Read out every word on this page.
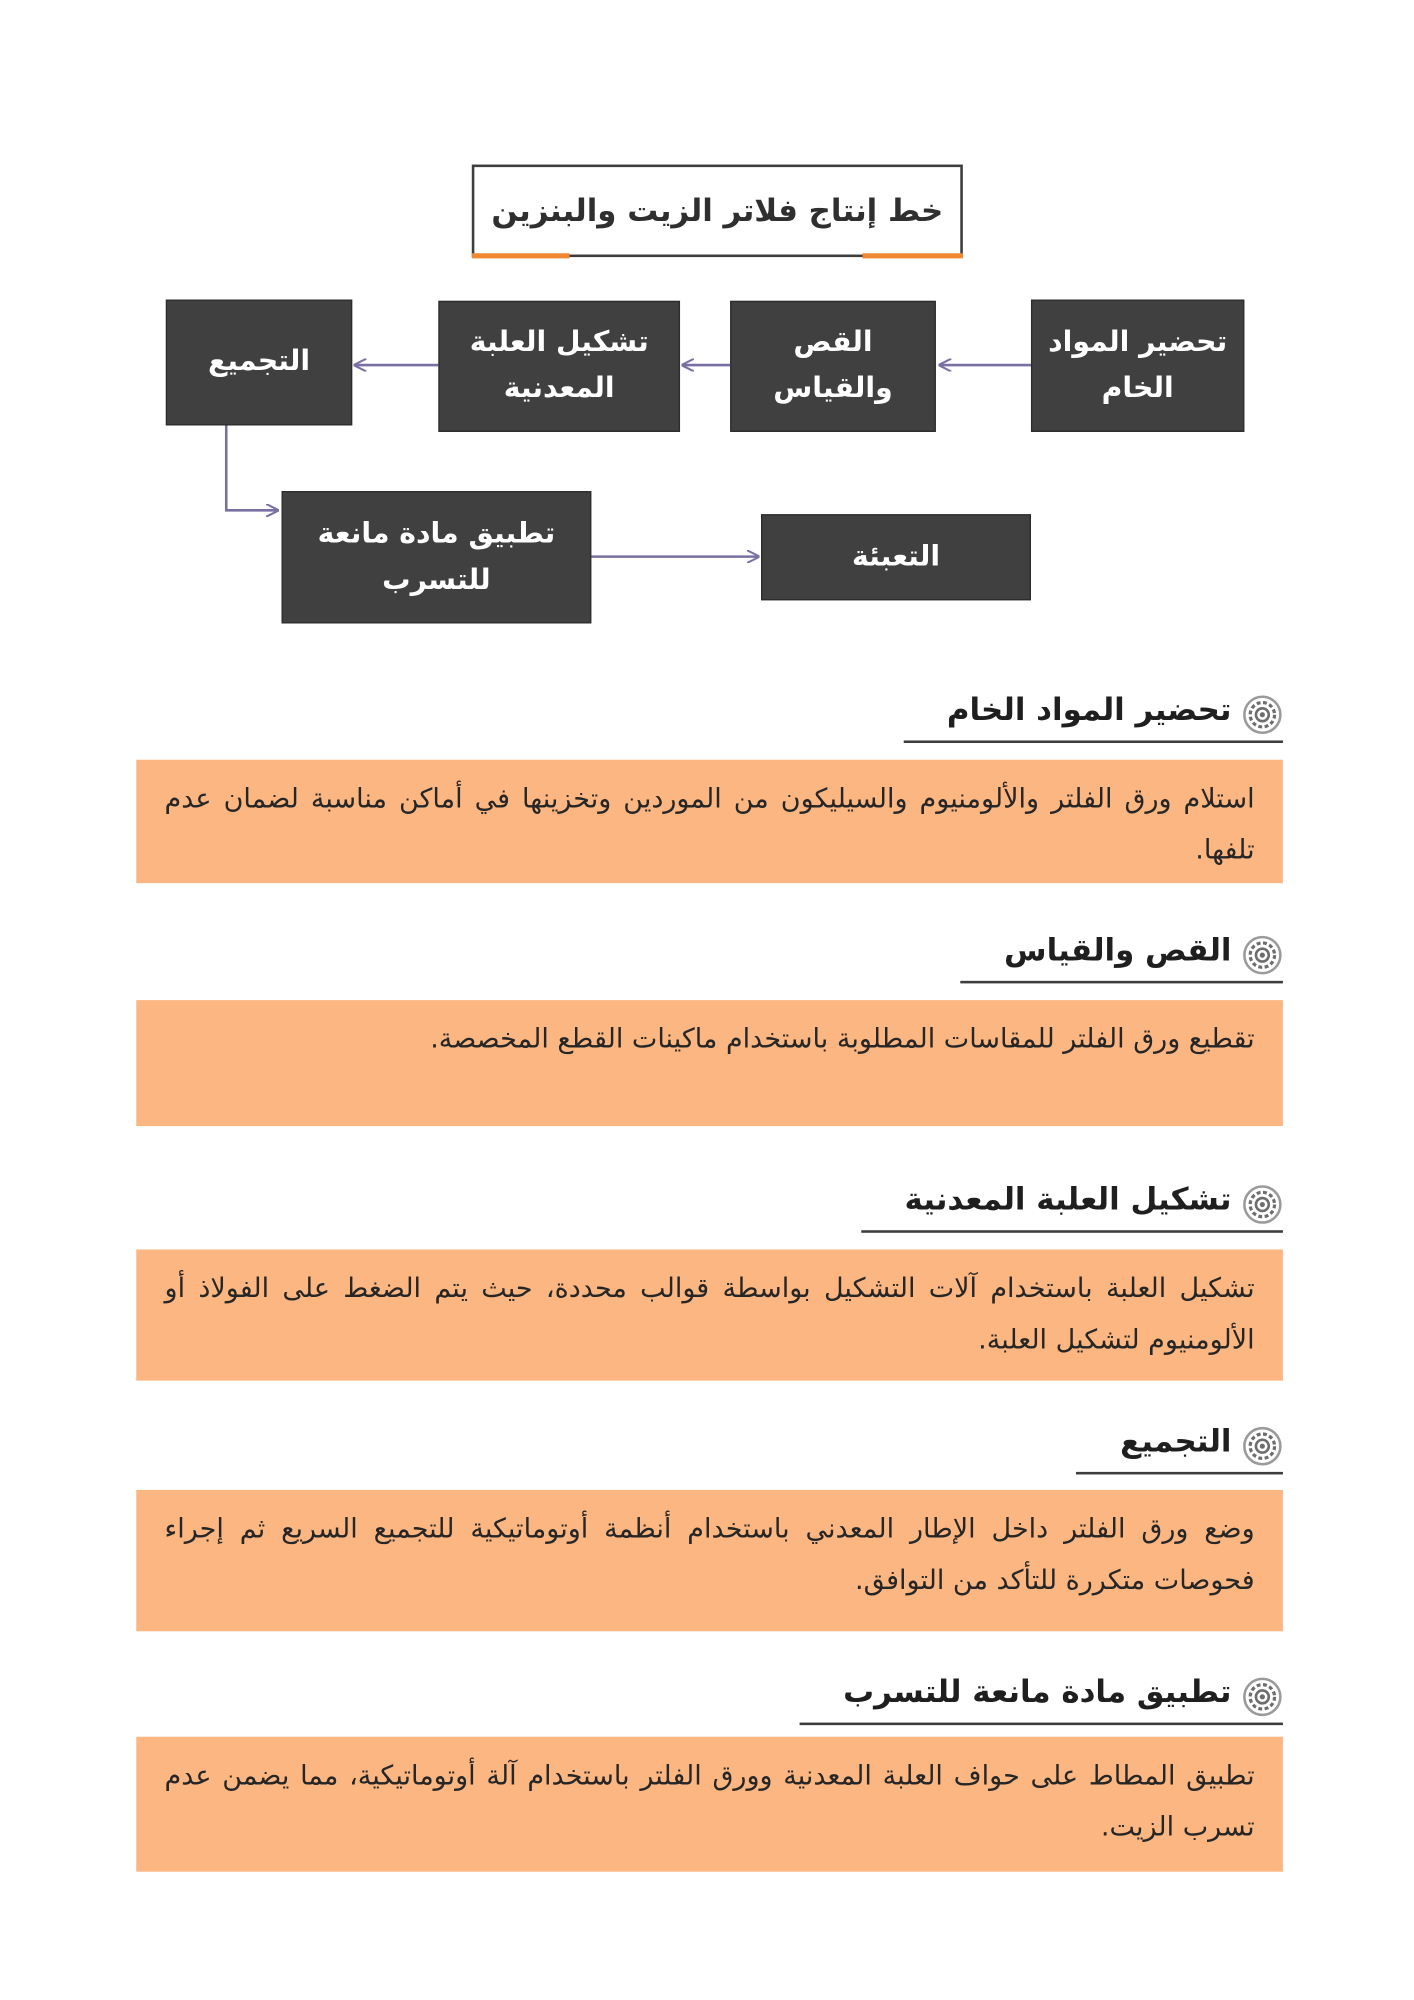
خط إنتاج فلاتر الزيت والبنزين
تحضير المواد الخام
القص والقياس
تشكيل العلبة المعدنية
التجميع
تطبيق مادة مانعة للتسرب
التعبئة
تحضير المواد الخام
استلام ورق الفلتر والألومنيوم والسيليكون من الموردين وتخزينها في أماكن مناسبة لضمان عدم تلفها.
القص والقياس
تقطيع ورق الفلتر للمقاسات المطلوبة باستخدام ماكينات القطع المخصصة.
تشكيل العلبة المعدنية
تشكيل العلبة باستخدام آلات التشكيل بواسطة قوالب محددة، حيث يتم الضغط على الفولاذ أو الألومنيوم لتشكيل العلبة.
التجميع
وضع ورق الفلتر داخل الإطار المعدني باستخدام أنظمة أوتوماتيكية للتجميع السريع ثم إجراء فحوصات متكررة للتأكد من التوافق.
تطبيق مادة مانعة للتسرب
تطبيق المطاط على حواف العلبة المعدنية وورق الفلتر باستخدام آلة أوتوماتيكية، مما يضمن عدم تسرب الزيت.
